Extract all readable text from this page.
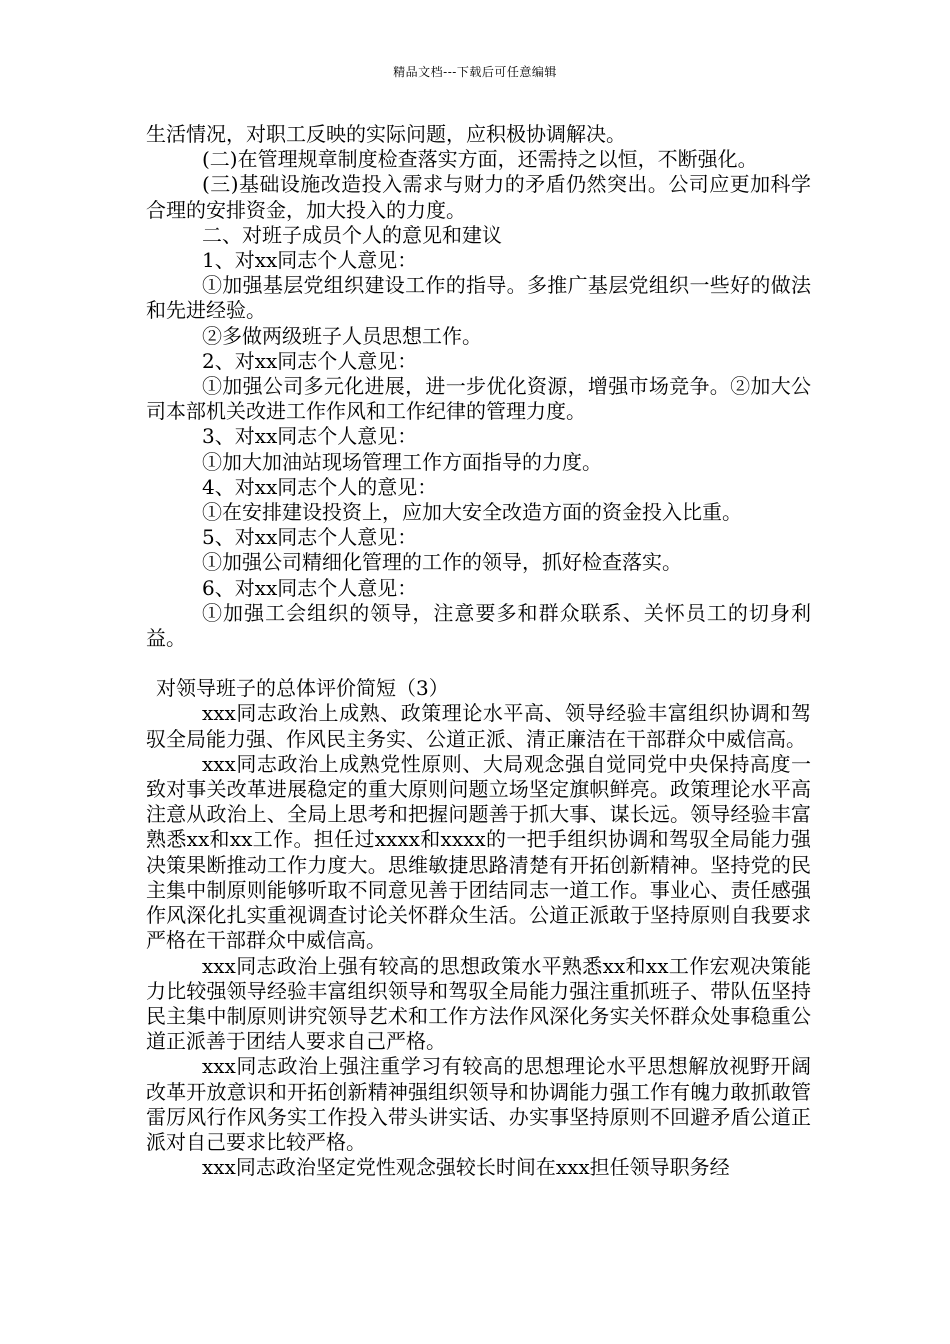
精品文档---下载后可任意编辑

生活情况，对职工反映的实际问题，应积极协调解决。

(二)在管理规章制度检查落实方面，还需持之以恒，不断强化。

(三)基础设施改造投入需求与财力的矛盾仍然突出。公司应更加科学合理的安排资金，加大投入的力度。

二、对班子成员个人的意见和建议

1、对xx同志个人意见：

①加强基层党组织建设工作的指导。多推广基层党组织一些好的做法和先进经验。

②多做两级班子人员思想工作。

2、对xx同志个人意见：

①加强公司多元化进展，进一步优化资源，增强市场竞争。②加大公司本部机关改进工作作风和工作纪律的管理力度。

3、对xx同志个人意见：

①加大加油站现场管理工作方面指导的力度。

4、对xx同志个人的意见：

①在安排建设投资上，应加大安全改造方面的资金投入比重。

5、对xx同志个人意见：

①加强公司精细化管理的工作的领导，抓好检查落实。

6、对xx同志个人意见：

①加强工会组织的领导，注意要多和群众联系、关怀员工的切身利益。

对领导班子的总体评价简短（3）

xxx同志政治上成熟、政策理论水平高、领导经验丰富组织协调和驾驭全局能力强、作风民主务实、公道正派、清正廉洁在干部群众中威信高。

xxx同志政治上成熟党性原则、大局观念强自觉同党中央保持高度一致对事关改革进展稳定的重大原则问题立场坚定旗帜鲜亮。政策理论水平高注意从政治上、全局上思考和把握问题善于抓大事、谋长远。领导经验丰富熟悉xx和xx工作。担任过xxxx和xxxx的一把手组织协调和驾驭全局能力强决策果断推动工作力度大。思维敏捷思路清楚有开拓创新精神。坚持党的民主集中制原则能够听取不同意见善于团结同志一道工作。事业心、责任感强作风深化扎实重视调查讨论关怀群众生活。公道正派敢于坚持原则自我要求严格在干部群众中威信高。

xxx同志政治上强有较高的思想政策水平熟悉xx和xx工作宏观决策能力比较强领导经验丰富组织领导和驾驭全局能力强注重抓班子、带队伍坚持民主集中制原则讲究领导艺术和工作方法作风深化务实关怀群众处事稳重公道正派善于团结人要求自己严格。

xxx同志政治上强注重学习有较高的思想理论水平思想解放视野开阔改革开放意识和开拓创新精神强组织领导和协调能力强工作有魄力敢抓敢管雷厉风行作风务实工作投入带头讲实话、办实事坚持原则不回避矛盾公道正派对自己要求比较严格。

xxx同志政治坚定党性观念强较长时间在xxx担任领导职务经
